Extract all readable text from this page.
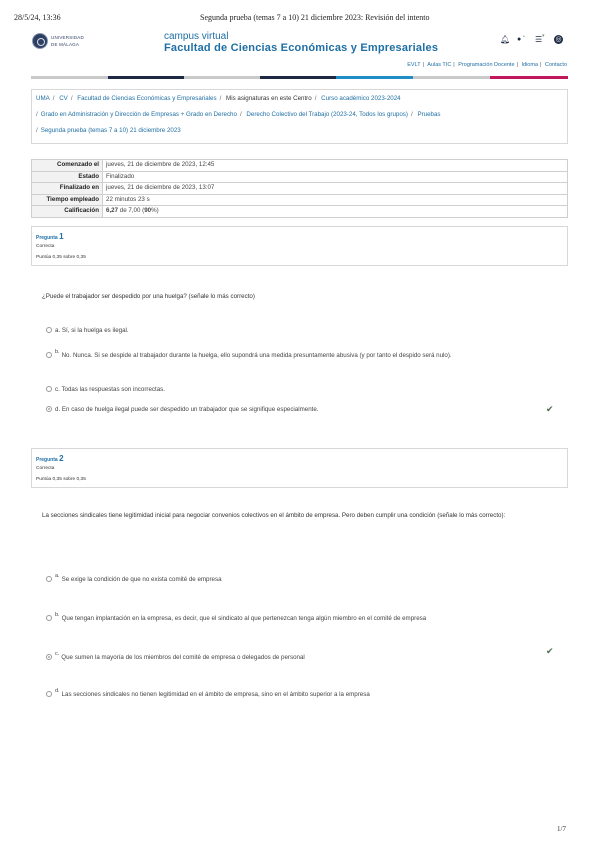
28/5/24, 13:36	Segunda prueba (temas 7 a 10) 21 diciembre 2023: Revisión del intento
UNIVERSIDAD
DE MÁLAGA
campus virtual
Facultad de Ciencias Económicas y Empresariales
🔔︎ ● • ☰ ▾ ◎
EVLT | Aulas TIC | Programación Docente | Idioma | Contacto
UMA / CV / Facultad de Ciencias Económicas y Empresariales / Mis asignaturas en este Centro / Curso académico 2023-2024
/ Grado en Administración y Dirección de Empresas + Grado en Derecho / Derecho Colectivo del Trabajo (2023-24, Todos los grupos) / Pruebas
/ Segunda prueba (temas 7 a 10) 21 diciembre 2023
Comenzado el	jueves, 21 de diciembre de 2023, 12:45
Estado	Finalizado
Finalizado en	jueves, 21 de diciembre de 2023, 13:07
Tiempo empleado	22 minutos 23 s
Calificación	6,27 de 7,00 (90%)
Pregunta 1
Correcta
Puntúa 0,35 sobre 0,35
¿Puede el trabajador ser despedido por una huelga? (señale lo más correcto)
a. Sí, si la huelga es ilegal.
b. No. Nunca. Si se despide al trabajador durante la huelga, ello supondrá una medida presuntamente abusiva (y por tanto el despido será nulo).
c. Todas las respuestas son incorrectas.
d. En caso de huelga ilegal puede ser despedido un trabajador que se signifique especialmente.	✔
Pregunta 2
Correcta
Puntúa 0,35 sobre 0,35
La secciones sindicales tiene legitimidad inicial para negociar convenios colectivos en el ámbito de empresa. Pero deben cumplir una condición (señale lo más correcto):
a. Se exige la condición de que no exista comité de empresa
b. Que tengan implantación en la empresa, es decir, que el sindicato al que pertenezcan tenga algún miembro en el comité de empresa
c. Que sumen la mayoría de los miembros del comité de empresa o delegados de personal
✔
d. Las secciones sindicales no tienen legitimidad en el ámbito de empresa, sino en el ámbito superior a la empresa
1/7
